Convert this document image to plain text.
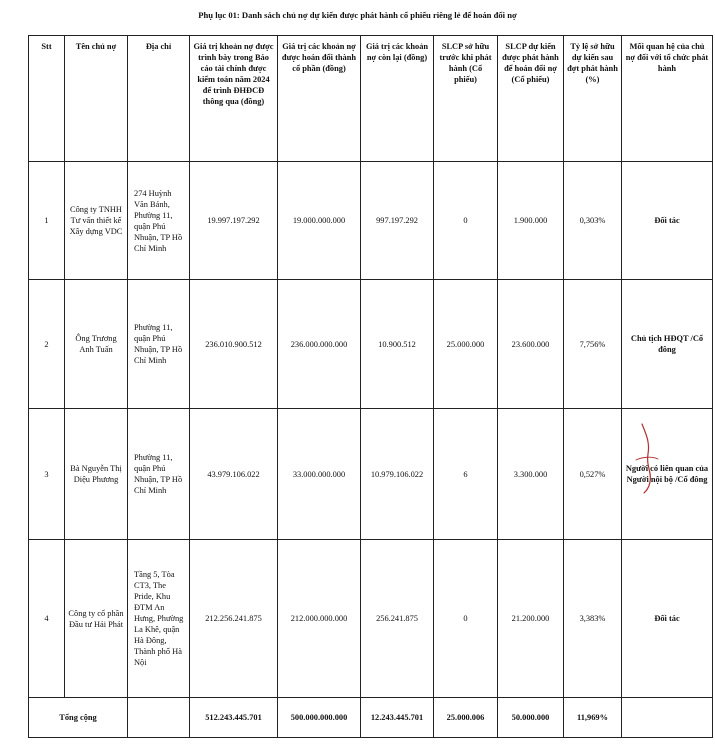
Phụ lục 01: Danh sách chủ nợ dự kiến được phát hành cổ phiếu riêng lẻ để hoán đổi nợ
Stt	Tên chủ nợ	Địa chỉ	Giá trị khoản nợ được trình bày trong Báo cáo tài chính được kiểm toán năm 2024 để trình ĐHĐCĐ thông qua (đồng)	Giá trị các khoản nợ được hoán đổi thành cổ phần (đồng)	Giá trị các khoản nợ còn lại (đồng)	SLCP sở hữu trước khi phát hành (Cổ phiếu)	SLCP dự kiến được phát hành để hoán đổi nợ (Cổ phiếu)	Tỷ lệ sở hữu dự kiến sau đợt phát hành (%)	Mối quan hệ của chủ nợ đối với tổ chức phát hành
1	Công ty TNHH Tư vấn thiết kế Xây dựng VDC	274 Huỳnh Văn Bánh, Phường 11, quận Phú Nhuận, TP Hồ Chí Minh	19.997.197.292	19.000.000.000	997.197.292	0	1.900.000	0,303%	Đối tác
2	Ông Trương Anh Tuấn	Phường 11, quận Phú Nhuận, TP Hồ Chí Minh	236.010.900.512	236.000.000.000	10.900.512	25.000.000	23.600.000	7,756%	Chủ tịch HĐQT /Cổ đông
3	Bà Nguyễn Thị Diệu Phương	Phường 11, quận Phú Nhuận, TP Hồ Chí Minh	43.979.106.022	33.000.000.000	10.979.106.022	6	3.300.000	0,527%	Người có liên quan của Người nội bộ /Cổ đông
4	Công ty cổ phần Đầu tư Hải Phát	Tầng 5, Tòa CT3, The Pride, Khu ĐTM An Hưng, Phường La Khê, quận Hà Đông, Thành phố Hà Nội	212.256.241.875	212.000.000.000	256.241.875	0	21.200.000	3,383%	Đối tác
Tổng cộng			512.243.445.701	500.000.000.000	12.243.445.701	25.000.006	50.000.000	11,969%	
